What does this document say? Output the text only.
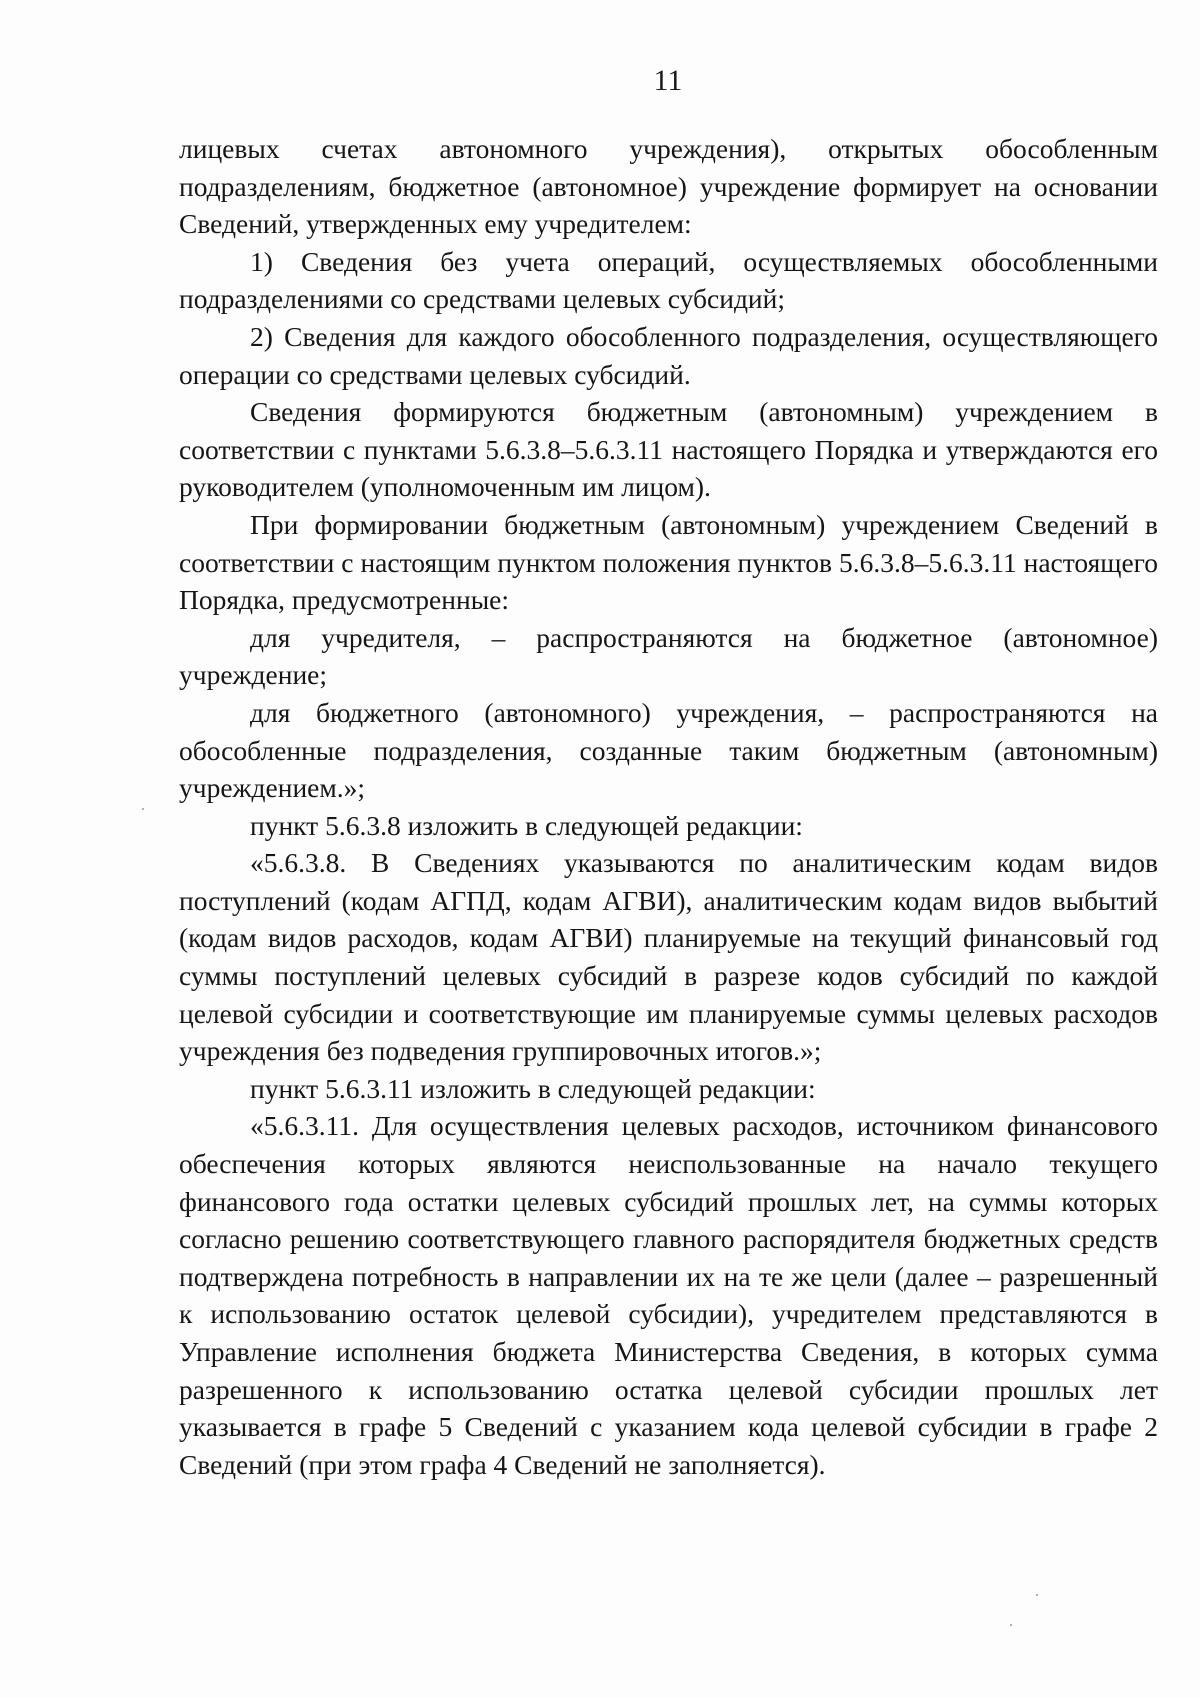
11

лицевых счетах автономного учреждения), открытых обособленным подразделениям, бюджетное (автономное) учреждение формирует на основании Сведений, утвержденных ему учредителем:

1) Сведения без учета операций, осуществляемых обособленными подразделениями со средствами целевых субсидий;

2) Сведения для каждого обособленного подразделения, осуществляющего операции со средствами целевых субсидий.

Сведения формируются бюджетным (автономным) учреждением в соответствии с пунктами 5.6.3.8–5.6.3.11 настоящего Порядка и утверждаются его руководителем (уполномоченным им лицом).

При формировании бюджетным (автономным) учреждением Сведений в соответствии с настоящим пунктом положения пунктов 5.6.3.8–5.6.3.11 настоящего Порядка, предусмотренные:

для учредителя, – распространяются на бюджетное (автономное) учреждение;

для бюджетного (автономного) учреждения, – распространяются на обособленные подразделения, созданные таким бюджетным (автономным) учреждением.»;

пункт 5.6.3.8 изложить в следующей редакции:

«5.6.3.8. В Сведениях указываются по аналитическим кодам видов поступлений (кодам АГПД, кодам АГВИ), аналитическим кодам видов выбытий (кодам видов расходов, кодам АГВИ) планируемые на текущий финансовый год суммы поступлений целевых субсидий в разрезе кодов субсидий по каждой целевой субсидии и соответствующие им планируемые суммы целевых расходов учреждения без подведения группировочных итогов.»;

пункт 5.6.3.11 изложить в следующей редакции:

«5.6.3.11. Для осуществления целевых расходов, источником финансового обеспечения которых являются неиспользованные на начало текущего финансового года остатки целевых субсидий прошлых лет, на суммы которых согласно решению соответствующего главного распорядителя бюджетных средств подтверждена потребность в направлении их на те же цели (далее – разрешенный к использованию остаток целевой субсидии), учредителем представляются в Управление исполнения бюджета Министерства Сведения, в которых сумма разрешенного к использованию остатка целевой субсидии прошлых лет указывается в графе 5 Сведений с указанием кода целевой субсидии в графе 2 Сведений (при этом графа 4 Сведений не заполняется).
